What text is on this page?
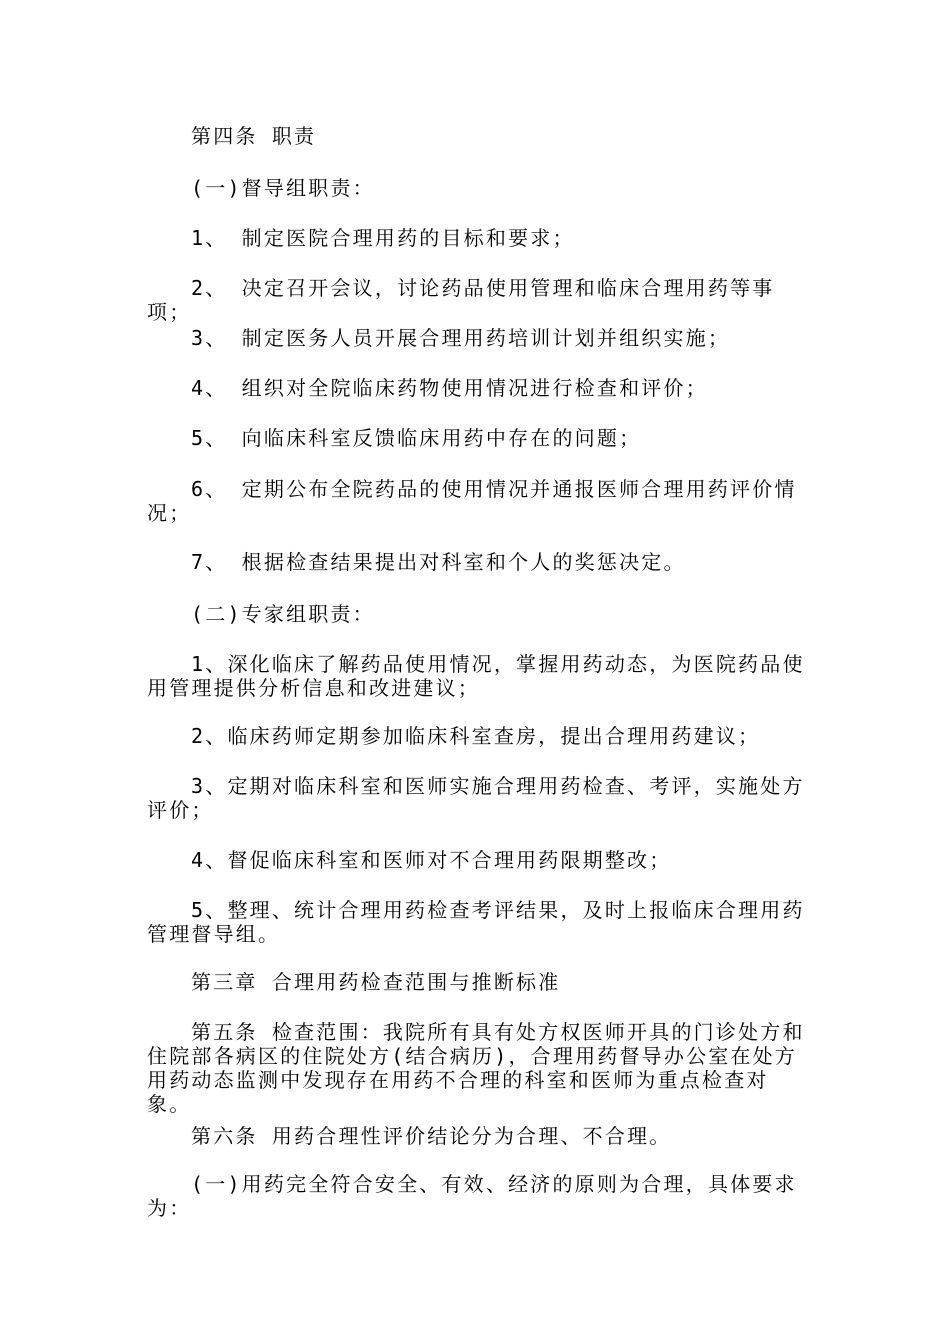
第四条 职责

(一)督导组职责：

1、 制定医院合理用药的目标和要求；

2、 决定召开会议，讨论药品使用管理和临床合理用药等事项；

3、 制定医务人员开展合理用药培训计划并组织实施；

4、 组织对全院临床药物使用情况进行检查和评价；

5、 向临床科室反馈临床用药中存在的问题；

6、 定期公布全院药品的使用情况并通报医师合理用药评价情况；

7、 根据检查结果提出对科室和个人的奖惩决定。

(二)专家组职责：

1、深化临床了解药品使用情况，掌握用药动态，为医院药品使用管理提供分析信息和改进建议；

2、临床药师定期参加临床科室查房，提出合理用药建议；

3、定期对临床科室和医师实施合理用药检查、考评，实施处方评价；

4、督促临床科室和医师对不合理用药限期整改；

5、整理、统计合理用药检查考评结果，及时上报临床合理用药管理督导组。

第三章 合理用药检查范围与推断标准

第五条 检查范围：我院所有具有处方权医师开具的门诊处方和住院部各病区的住院处方(结合病历)，合理用药督导办公室在处方用药动态监测中发现存在用药不合理的科室和医师为重点检查对象。

第六条 用药合理性评价结论分为合理、不合理。

(一)用药完全符合安全、有效、经济的原则为合理，具体要求为：
